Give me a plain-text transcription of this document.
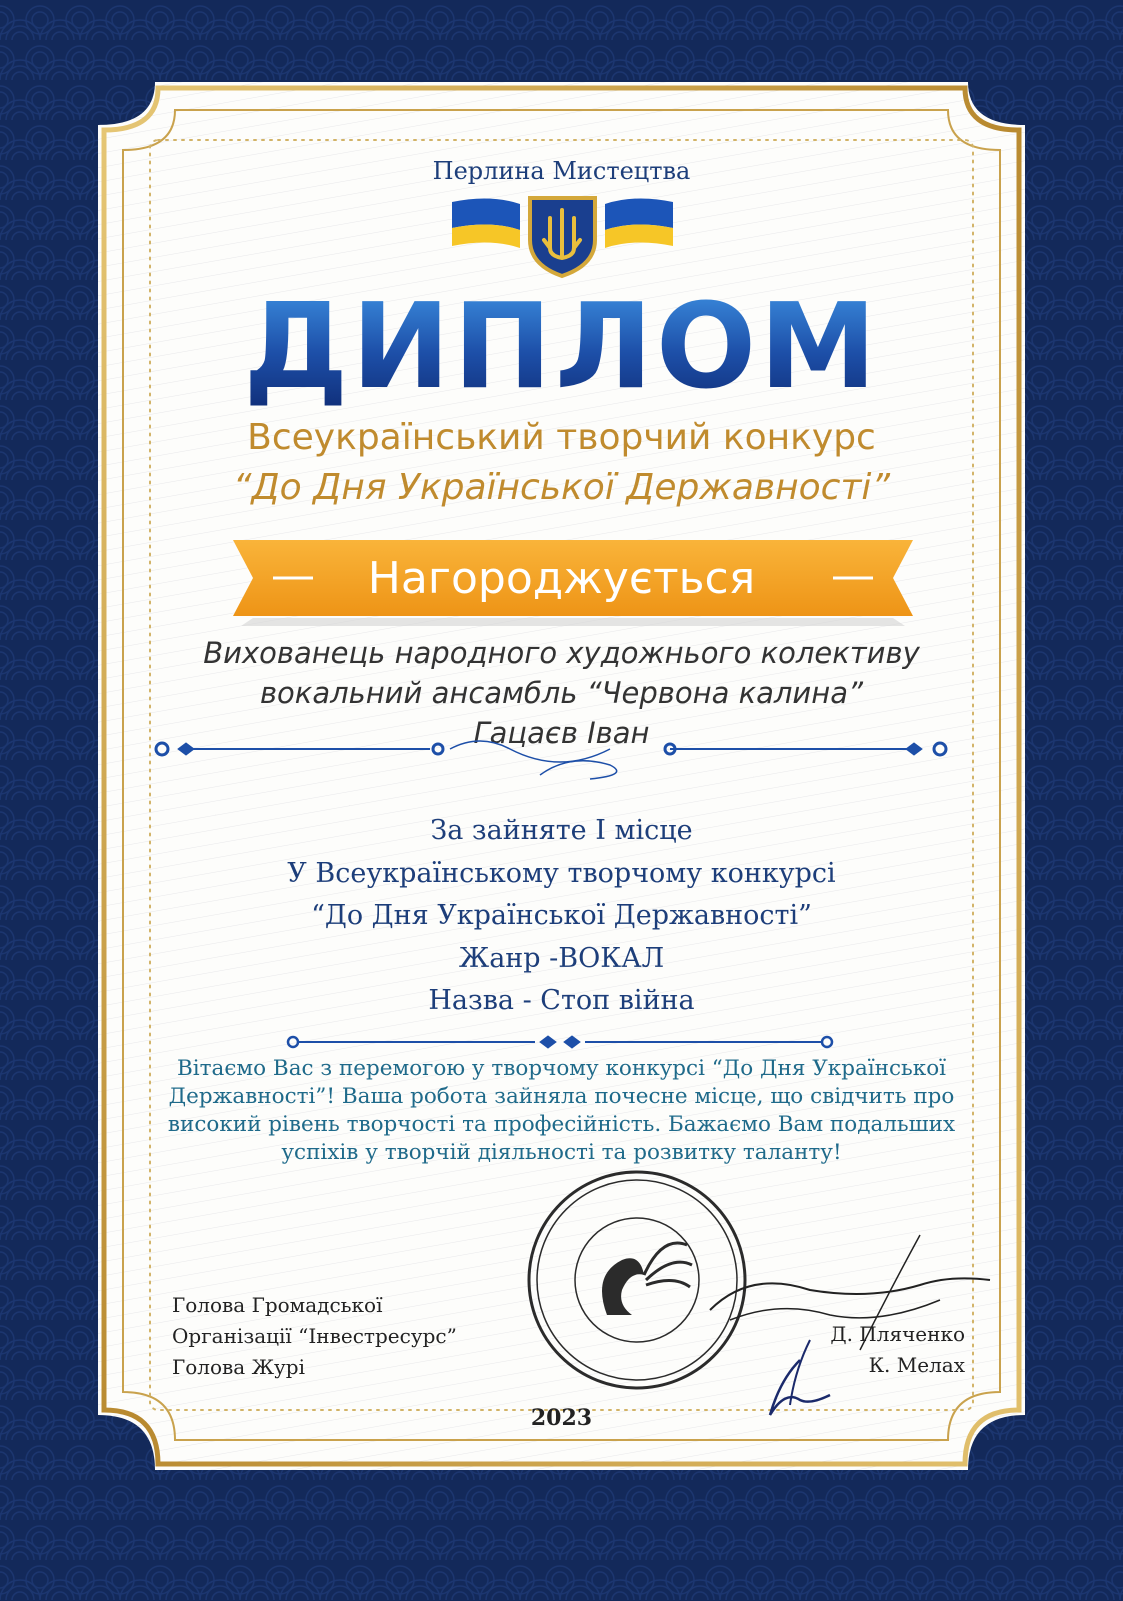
Перлина Мистецтва
ДИПЛОМ
Всеукраїнський творчий конкурс
“До Дня Української Державності”
Нагороджується
Вихованець народного художнього колективу
вокальний ансамбль “Червона калина”
Гацаєв Іван
За зайняте І місце
У Всеукраїнському творчому конкурсі
“До Дня Української Державності”
Жанр -ВОКАЛ
Назва - Стоп війна
Вітаємо Вас з перемогою у творчому конкурсі “До Дня Української Державності”! Ваша робота зайняла почесне місце, що свідчить про високий рівень творчості та професійність. Бажаємо Вам подальших успіхів у творчій діяльності та розвитку таланту!
Голова Громадської
Організації “Інвестресурс”
Голова Журі
Д. Пляченко
К. Мелах
2023
